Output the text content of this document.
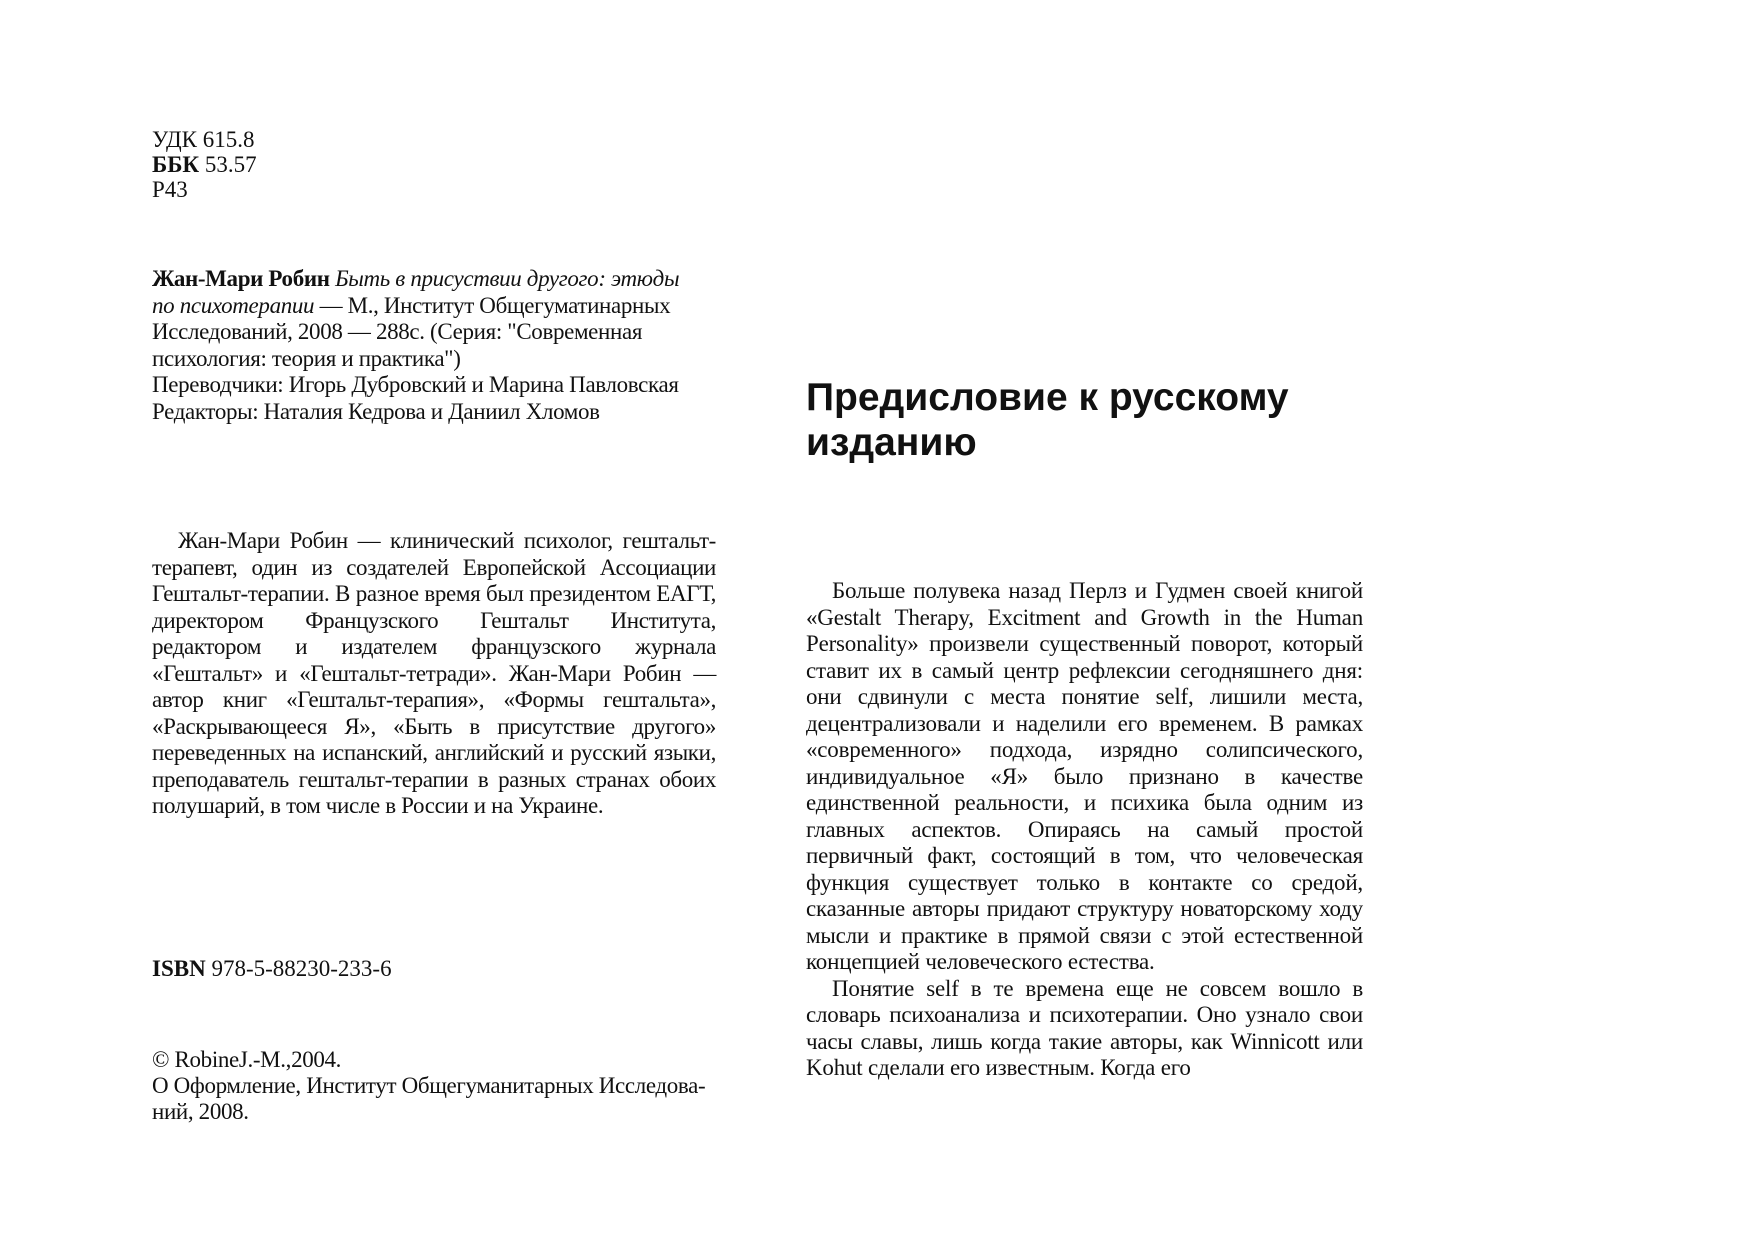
УДК 615.8
ББК 53.57
Р43
Жан-Мари Робин Быть в присуствии другого: этюды
по психотерапии — М., Институт Общегуматинарных
Исследований, 2008 — 288с. (Серия: "Современная
психология: теория и практика")
Переводчики: Игорь Дубровский и Марина Павловская
Редакторы: Наталия Кедрова и Даниил Хломов

Жан-Мари Робин — клинический психолог, гештальт-терапевт, один из создателей Европейской Ассоциации Гештальт-терапии. В разное время был президентом ЕАГТ, директором Французского Гештальт Института, редактором и издателем французского журнала «Гештальт» и «Гештальт-тетради». Жан-Мари Робин — автор книг «Гештальт-терапия», «Формы гештальта», «Раскрывающееся Я», «Быть в присутствие другого» переведенных на испанский, английский и русский языки, преподаватель гештальт-терапии в разных странах обоих полушарий, в том числе в России и на Украине.

ISBN 978-5-88230-233-6
© RobineJ.-M.,2004.
О Оформление, Институт Общегуманитарных Исследова-
ний, 2008.
Предисловие к русскому
изданию

Больше полувека назад Перлз и Гудмен своей книгой «Gestalt Therapy, Excitment and Growth in the Human Personality» произвели существенный поворот, который ставит их в самый центр рефлексии сегодняшнего дня: они сдвинули с места понятие self, лишили места, децентрализовали и наделили его временем. В рамках «современного» подхода, изрядно солипсического, индивидуальное «Я» было признано в качестве единственной реальности, и психика была одним из главных аспектов. Опираясь на самый простой первичный факт, состоящий в том, что человеческая функция существует только в контакте со средой, сказанные авторы придают структуру новаторскому ходу мысли и практике в прямой связи с этой естественной концепцией человеческого естества.

Понятие self в те времена еще не совсем вошло в словарь психоанализа и психотерапии. Оно узнало свои часы славы, лишь когда такие авторы, как Winnicott или Kohut сделали его известным. Когда его
